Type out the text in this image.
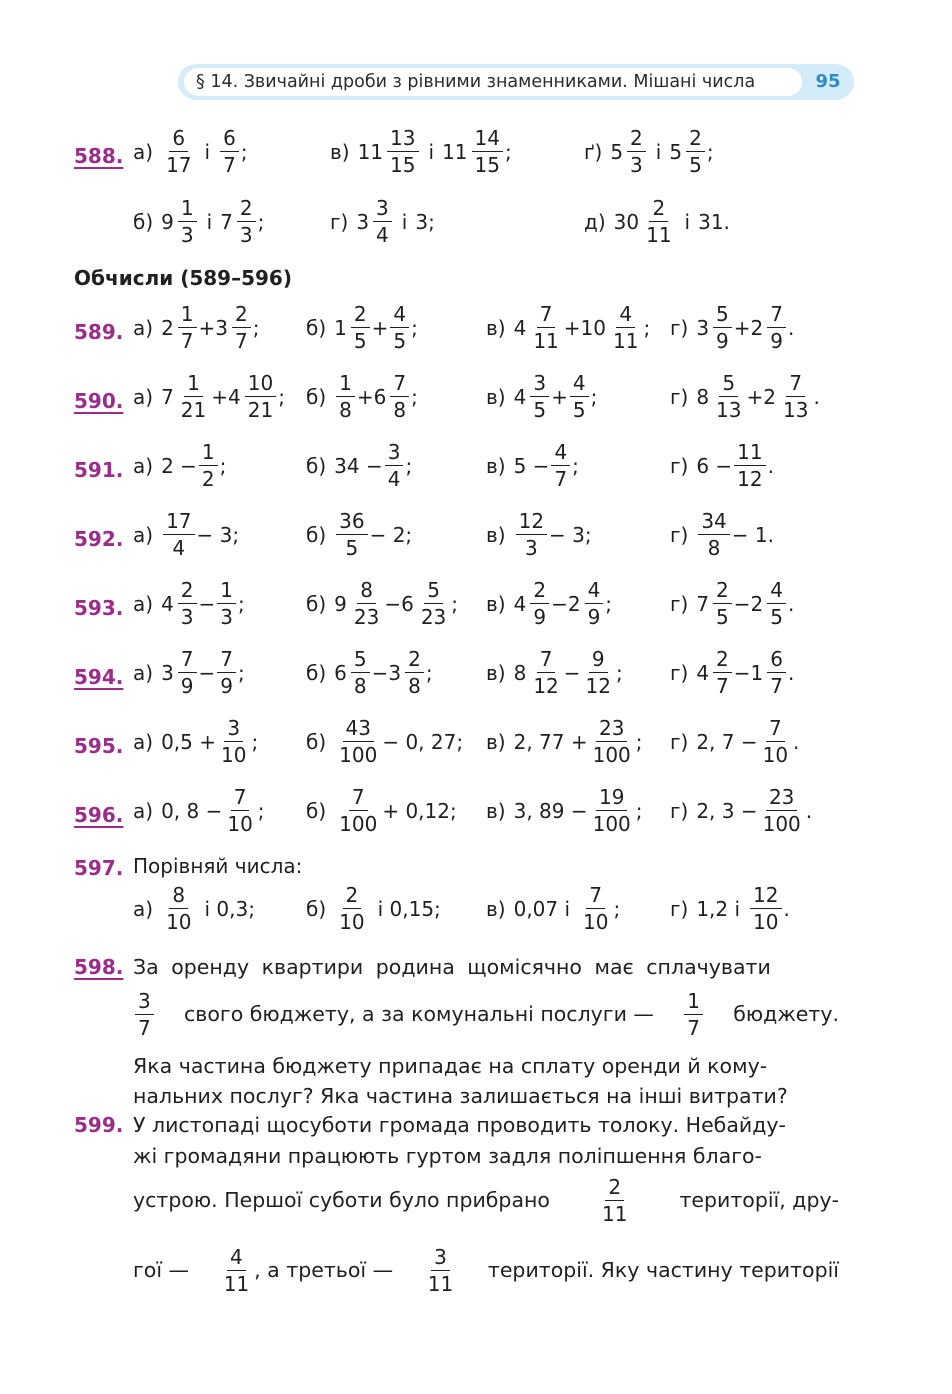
§ 14. Звичайні дроби з рівними знаменниками. Мішані числа	95
588. $а) \frac{6}{17}$ і $\frac{6}{7}$ ;	в) $11 \frac{13}{15}$ і $11 \frac{14}{15}$ ;	ґ) $5 \frac{2}{3}$ і $5 \frac{2}{5}$ ;
б) $9 \frac{1}{3}$ і $7 \frac{2}{3}$ ;	г) $3 \frac{3}{4}$ і 3;	д) $30 \frac{2}{11}$ і 31.
Обчисли (589–596)
589. а) $2 \frac{1}{7} + 3 \frac{2}{7}$ ; б) $1 \frac{2}{5} + \frac{4}{5}$ ;	в) $4 \frac{7}{11} + 10 \frac{4}{11}$ ; г) $3 \frac{5}{9} + 2 \frac{7}{9}$ .
590. а) $7 \frac{1}{21} + 4 \frac{10}{21}$ ; $б) \frac{1}{8} + 6 \frac{7}{8}$ ;	в) $4 \frac{3}{5} + \frac{4}{5}$ ;	г) $8 \frac{5}{13} + 2 \frac{7}{13}$ .
591. а) $2 - \frac{1}{2}$ ;	б) $34 - \frac{3}{4}$ ;	в) $5 - \frac{4}{7}$ ;	г) $6 - \frac{11}{12}$ .
592. $а) \frac{17}{4} - 3$;	$б) \frac{36}{5} - 2$;	$в) \frac{12}{3} - 3$;	$г) \frac{34}{8} - 1$.
593. а) $4 \frac{2}{3} - \frac{1}{3}$ ;	б) $9 \frac{8}{23} - 6 \frac{5}{23}$ ; в) $4 \frac{2}{9} - 2 \frac{4}{9}$ ;	г) $7 \frac{2}{5} - 2 \frac{4}{5}$ .
594. а) $3 \frac{7}{9} - \frac{7}{9}$ ;	б) $6 \frac{5}{8} - 3 \frac{2}{8}$ ;	в) $8 \frac{7}{12} - \frac{9}{12}$ ; г) $4 \frac{2}{7} - 1 \frac{6}{7}$ .
595. а) $0,5 + \frac{3}{10}$ ; $б) \frac{43}{100} - 0$, 27; в) 2, $77 + \frac{23}{100}$ ; г) 2, $7 - \frac{7}{10}$ .
596. а) 0, $8 - \frac{7}{10}$ ; $б) \frac{7}{100} + 0,12$; в) 3, $89 - \frac{19}{100}$ ; г) 2, $3 - \frac{23}{100}$ .
597. Порівняй числа:
$а) \frac{8}{10}$ і 0,3;	$б) \frac{2}{10}$ і 0,15; в) 0,07 і $\frac{7}{10}$ ; г) 1,2 і $\frac{12}{10}$ .
598. За оренду квартири родина щомісячно має сплачувати
$\frac{3}{7}$ свого бюджету, а за комунальні послуги — $\frac{1}{7}$ бюджету.
Яка частина бюджету припадає на сплату оренди й кому-
нальних послуг? Яка частина залишається на інші витрати?
599. У листопаді щосуботи громада проводить толоку. Небайду-
жі громадяни працюють гуртом задля поліпшення благо-
устрою. Першої суботи було прибрано $\frac{2}{11}$ території, дру-
гої — $\frac{4}{11}$ , а третьої — $\frac{3}{11}$ території. Яку частину території
